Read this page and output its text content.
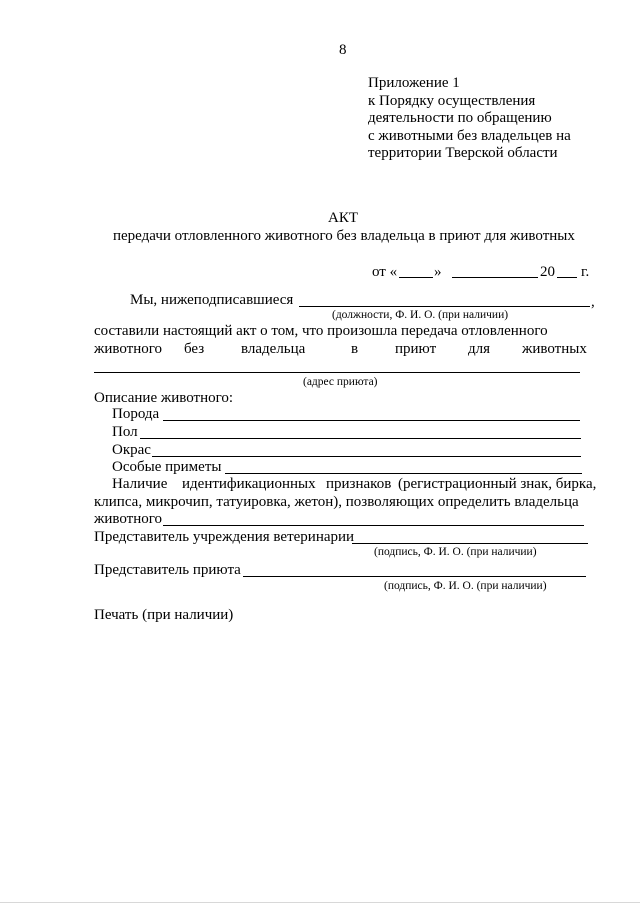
8
Приложение 1
к Порядку осуществления
деятельности по обращению
с животными без владельцев на
территории Тверской области
АКТ
передачи отловленного животного без владельца в приют для животных
от « »	20 г.
Мы, нижеподписавшиеся	,
(должности, Ф. И. О. (при наличии)
составили настоящий акт о том, что произошла передача отловленного
животного без владельца	в приют для животных
(адрес приюта)
Описание животного:
Порода
Пол
Окрас
Особые приметы
Наличие идентификационных признаков (регистрационный знак, бирка,
клипса, микрочип, татуировка, жетон), позволяющих определить владельца
животного
Представитель учреждения ветеринарии
(подпись, Ф. И. О. (при наличии)
Представитель приюта
(подпись, Ф. И. О. (при наличии)
Печать (при наличии)
